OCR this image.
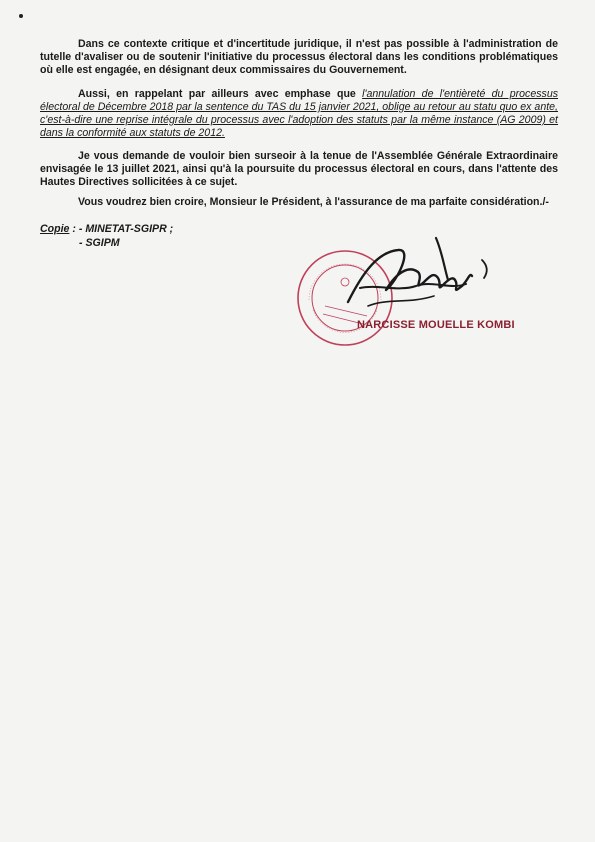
Dans ce contexte critique et d'incertitude juridique, il n'est pas possible à l'administration de tutelle d'avaliser ou de soutenir l'initiative du processus électoral dans les conditions problématiques où elle est engagée, en désignant deux commissaires du Gouvernement.
Aussi, en rappelant par ailleurs avec emphase que l'annulation de l'entièreté du processus électoral de Décembre 2018 par la sentence du TAS du 15 janvier 2021, oblige au retour au statu quo ex ante, c'est-à-dire une reprise intégrale du processus avec l'adoption des statuts par la même instance (AG 2009) et dans la conformité aux statuts de 2012.
Je vous demande de vouloir bien surseoir à la tenue de l'Assemblée Générale Extraordinaire envisagée le 13 juillet 2021, ainsi qu'à la poursuite du processus électoral en cours, dans l'attente des Hautes Directives sollicitées à ce sujet.
Vous voudrez bien croire, Monsieur le Président, à l'assurance de ma parfaite considération./-
Copie : - MINETAT-SGIPR ;
- SGIPM
NARCISSE MOUELLE KOMBI
